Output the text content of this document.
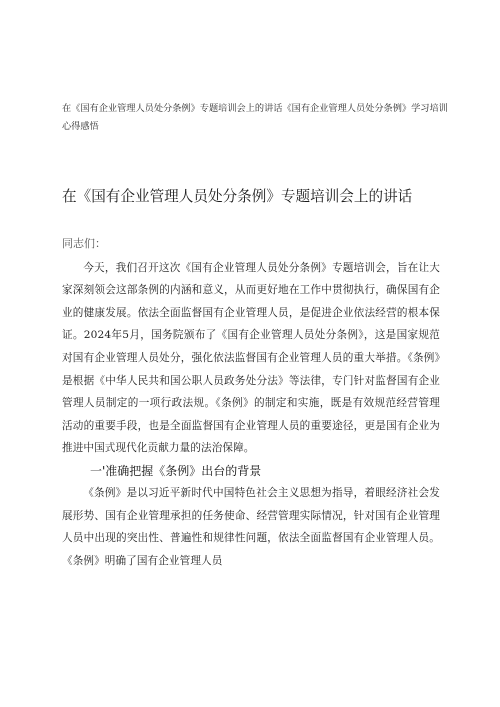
在《国有企业管理人员处分条例》专题培训会上的讲话《国有企业管理人员处分条例》学习培训心得感悟
在《国有企业管理人员处分条例》专题培训会上的讲话

同志们：

今天，我们召开这次《国有企业管理人员处分条例》专题培训会，旨在让大家深刻领会这部条例的内涵和意义，从而更好地在工作中贯彻执行，确保国有企业的健康发展。依法全面监督国有企业管理人员，是促进企业依法经营的根本保证。2024年5月，国务院颁布了《国有企业管理人员处分条例》，这是国家规范对国有企业管理人员处分，强化依法监督国有企业管理人员的重大举措。《条例》是根据《中华人民共和国公职人员政务处分法》等法律，专门针对监督国有企业管理人员制定的一项行政法规。《条例》的制定和实施，既是有效规范经营管理活动的重要手段，也是全面监督国有企业管理人员的重要途径，更是国有企业为推进中国式现代化贡献力量的法治保障。

一'准确把握《条例》出台的背景

《条例》是以习近平新时代中国特色社会主义思想为指导，着眼经济社会发展形势、国有企业管理承担的任务使命、经营管理实际情况，针对国有企业管理人员中出现的突出性、普遍性和规律性问题，依法全面监督国有企业管理人员。《条例》明确了国有企业管理人员
